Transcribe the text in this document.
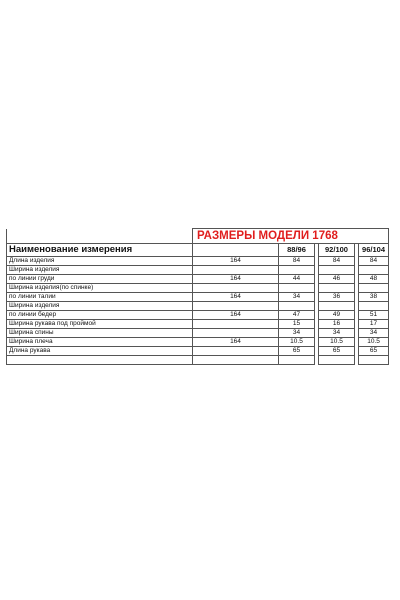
	РАЗМЕРЫ МОДЕЛИ 1768					
Наименование измерения		88/96		92/100		96/104
Длина изделия	164	84		84		84
Ширина изделия						
по линии груди	164	44		46		48
Ширина изделия(по спинке)						
по линии талии	164	34		36		38
Ширина изделия						
по линии бедер	164	47		49		51
Ширина рукава под проймой		15		16		17
Ширина спины		34		34		34
Ширина плеча	164	10.5		10.5		10.5
Длина рукава		65		65		65
